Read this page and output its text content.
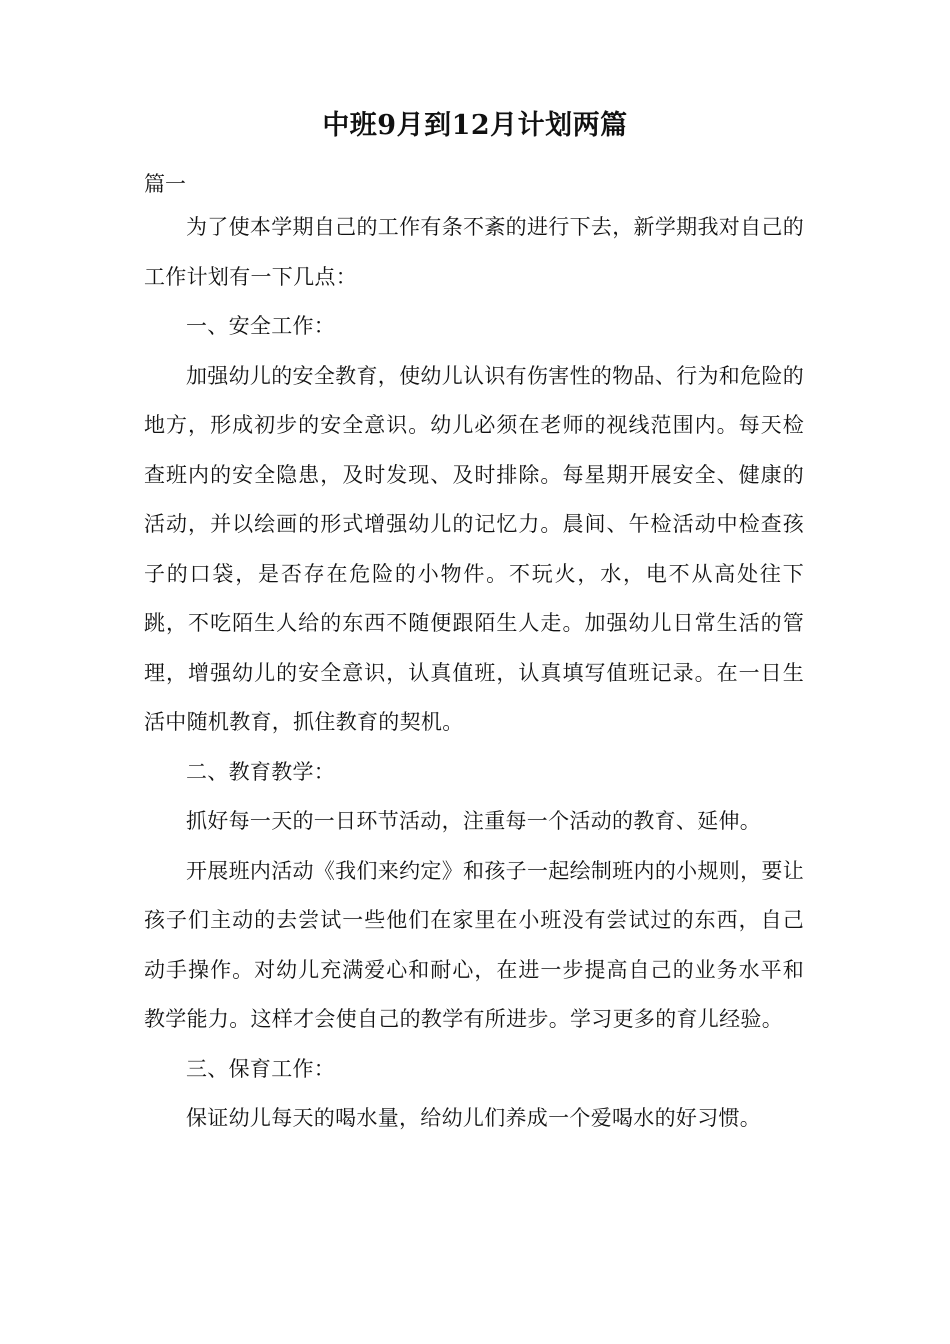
中班9月到12月计划两篇

篇一

为了使本学期自己的工作有条不紊的进行下去，新学期我对自己的工作计划有一下几点：

一、安全工作：

加强幼儿的安全教育，使幼儿认识有伤害性的物品、行为和危险的地方，形成初步的安全意识。幼儿必须在老师的视线范围内。每天检查班内的安全隐患，及时发现、及时排除。每星期开展安全、健康的活动，并以绘画的形式增强幼儿的记忆力。晨间、午检活动中检查孩子的口袋，是否存在危险的小物件。不玩火，水，电不从高处往下跳，不吃陌生人给的东西不随便跟陌生人走。加强幼儿日常生活的管理，增强幼儿的安全意识，认真值班，认真填写值班记录。在一日生活中随机教育，抓住教育的契机。

二、教育教学：

抓好每一天的一日环节活动，注重每一个活动的教育、延伸。

开展班内活动《我们来约定》和孩子一起绘制班内的小规则，要让孩子们主动的去尝试一些他们在家里在小班没有尝试过的东西，自己动手操作。对幼儿充满爱心和耐心，在进一步提高自己的业务水平和教学能力。这样才会使自己的教学有所进步。学习更多的育儿经验。

三、保育工作：

保证幼儿每天的喝水量，给幼儿们养成一个爱喝水的好习惯。
